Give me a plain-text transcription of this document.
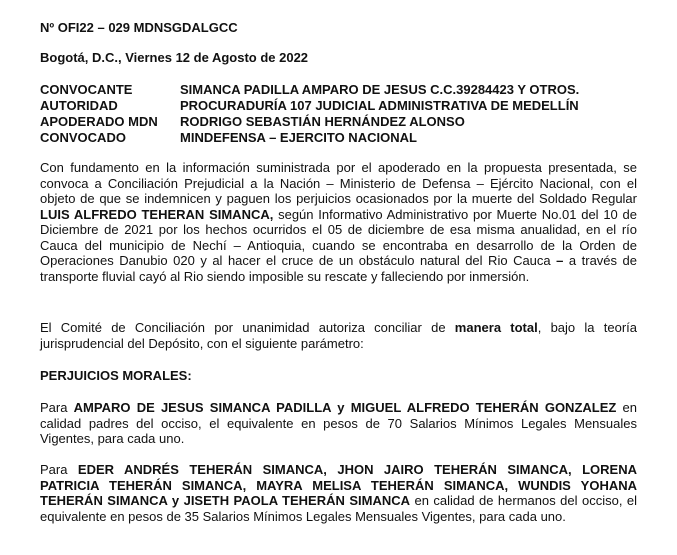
Nº OFI22 – 029 MDNSGDALGCC
Bogotá, D.C., Viernes 12 de Agosto de 2022
CONVOCANTE	SIMANCA PADILLA AMPARO DE JESUS C.C.39284423 Y OTROS.
AUTORIDAD	PROCURADURÍA 107 JUDICIAL ADMINISTRATIVA DE MEDELLÍN
APODERADO MDN	RODRIGO SEBASTIÁN HERNÁNDEZ ALONSO
CONVOCADO	MINDEFENSA – EJERCITO NACIONAL

Con fundamento en la información suministrada por el apoderado en la propuesta presentada, se convoca a Conciliación Prejudicial a la Nación – Ministerio de Defensa – Ejército Nacional, con el objeto de que se indemnicen y paguen los perjuicios ocasionados por la muerte del Soldado Regular LUIS ALFREDO TEHERAN SIMANCA, según Informativo Administrativo por Muerte No.01 del 10 de Diciembre de 2021 por los hechos ocurridos el 05 de diciembre de esa misma anualidad, en el río Cauca del municipio de Nechí – Antioquia, cuando se encontraba en desarrollo de la Orden de Operaciones Danubio 020 y al hacer el cruce de un obstáculo natural del Rio Cauca – a través de transporte fluvial cayó al Rio siendo imposible su rescate y falleciendo por inmersión.

El Comité de Conciliación por unanimidad autoriza conciliar de manera total, bajo la teoría jurisprudencial del Depósito, con el siguiente parámetro:

PERJUICIOS MORALES:

Para AMPARO DE JESUS SIMANCA PADILLA y MIGUEL ALFREDO TEHERÁN GONZALEZ en calidad padres del occiso, el equivalente en pesos de 70 Salarios Mínimos Legales Mensuales Vigentes, para cada uno.

Para EDER ANDRÉS TEHERÁN SIMANCA, JHON JAIRO TEHERÁN SIMANCA, LORENA PATRICIA TEHERÁN SIMANCA, MAYRA MELISA TEHERÁN SIMANCA, WUNDIS YOHANA TEHERÁN SIMANCA y JISETH PAOLA TEHERÁN SIMANCA en calidad de hermanos del occiso, el equivalente en pesos de 35 Salarios Mínimos Legales Mensuales Vigentes, para cada uno.
